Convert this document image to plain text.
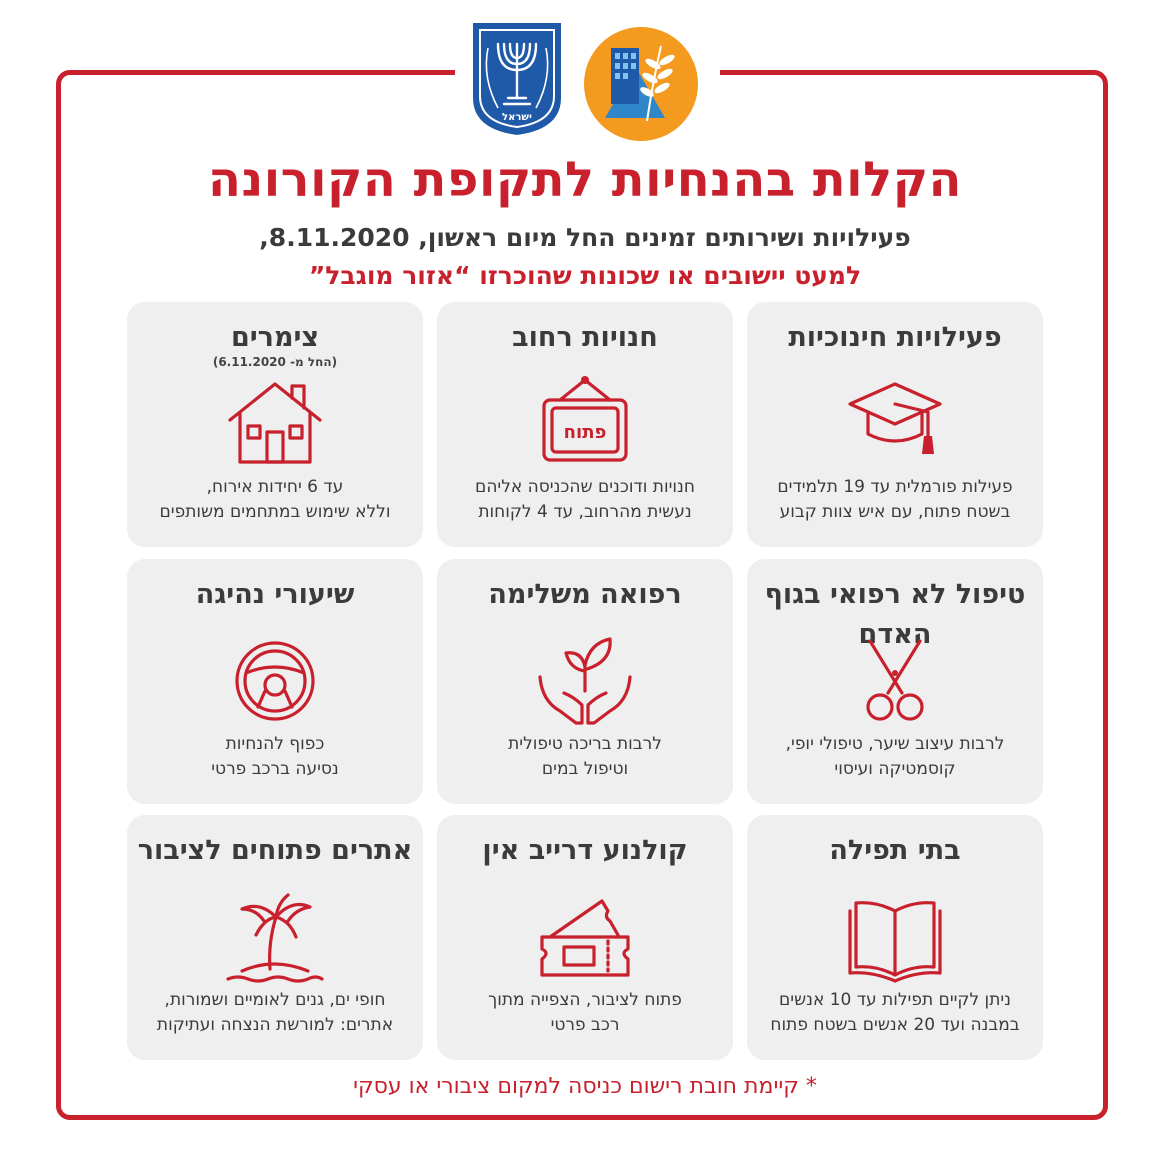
ישראל
הקלות בהנחיות לתקופת הקורונה
פעילויות ושירותים זמינים החל מיום ראשון, 8.11.2020,
למעט יישובים או שכונות שהוכרזו “אזור מוגבל”
פעילויות חינוכיות
פעילות פורמלית עד 19 תלמידים
בשטח פתוח, עם איש צוות קבוע
חנויות רחוב
פתוח
חנויות ודוכנים שהכניסה אליהם
נעשית מהרחוב, עד 4 לקוחות
צימרים
(החל מ- 6.11.2020)
עד 6 יחידות אירוח,
וללא שימוש במתחמים משותפים
טיפול לא רפואי בגוף האדם
לרבות עיצוב שיער, טיפולי יופי,
קוסמטיקה ועיסוי
רפואה משלימה
לרבות בריכה טיפולית
וטיפול במים
שיעורי נהיגה
כפוף להנחיות
נסיעה ברכב פרטי
בתי תפילה
ניתן לקיים תפילות עד 10 אנשים
במבנה ועד 20 אנשים בשטח פתוח
קולנוע דרייב אין
פתוח לציבור, הצפייה מתוך
רכב פרטי
אתרים פתוחים לציבור
חופי ים, גנים לאומיים ושמורות,
אתרים: למורשת הנצחה ועתיקות
* קיימת חובת רישום כניסה למקום ציבורי או עסקי
